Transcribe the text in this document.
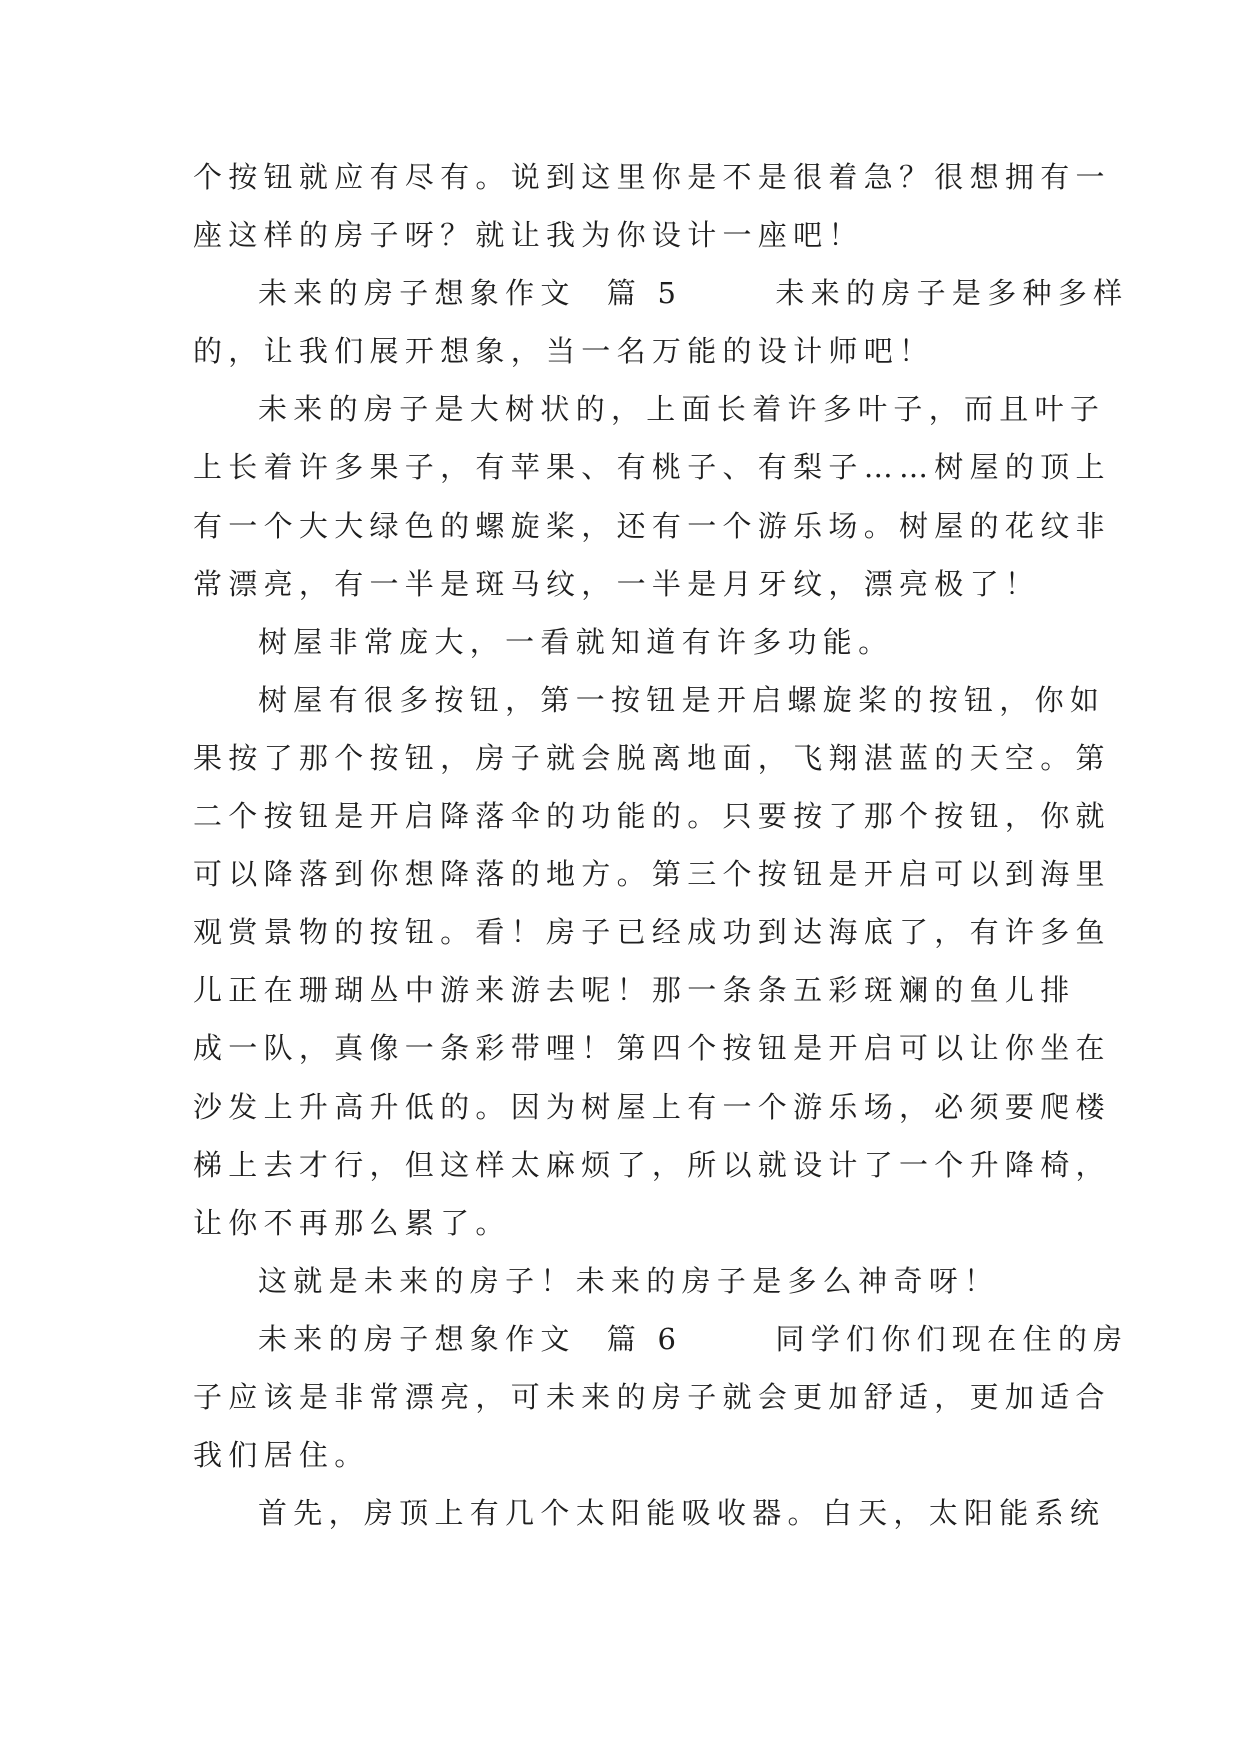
个按钮就应有尽有。说到这里你是不是很着急？很想拥有一
座这样的房子呀？就让我为你设计一座吧！
未来的房子想象作文  篇 5      未来的房子是多种多样
的，让我们展开想象，当一名万能的设计师吧！
未来的房子是大树状的，上面长着许多叶子，而且叶子
上长着许多果子，有苹果、有桃子、有梨子……树屋的顶上
有一个大大绿色的螺旋桨，还有一个游乐场。树屋的花纹非
常漂亮，有一半是斑马纹，一半是月牙纹，漂亮极了！
树屋非常庞大，一看就知道有许多功能。
树屋有很多按钮，第一按钮是开启螺旋桨的按钮，你如
果按了那个按钮，房子就会脱离地面，飞翔湛蓝的天空。第
二个按钮是开启降落伞的功能的。只要按了那个按钮，你就
可以降落到你想降落的地方。第三个按钮是开启可以到海里
观赏景物的按钮。看！房子已经成功到达海底了，有许多鱼
儿正在珊瑚丛中游来游去呢！那一条条五彩斑斓的鱼儿排
成一队，真像一条彩带哩！第四个按钮是开启可以让你坐在
沙发上升高升低的。因为树屋上有一个游乐场，必须要爬楼
梯上去才行，但这样太麻烦了，所以就设计了一个升降椅，
让你不再那么累了。
这就是未来的房子！未来的房子是多么神奇呀！
未来的房子想象作文  篇 6      同学们你们现在住的房
子应该是非常漂亮，可未来的房子就会更加舒适，更加适合
我们居住。
首先，房顶上有几个太阳能吸收器。白天，太阳能系统
